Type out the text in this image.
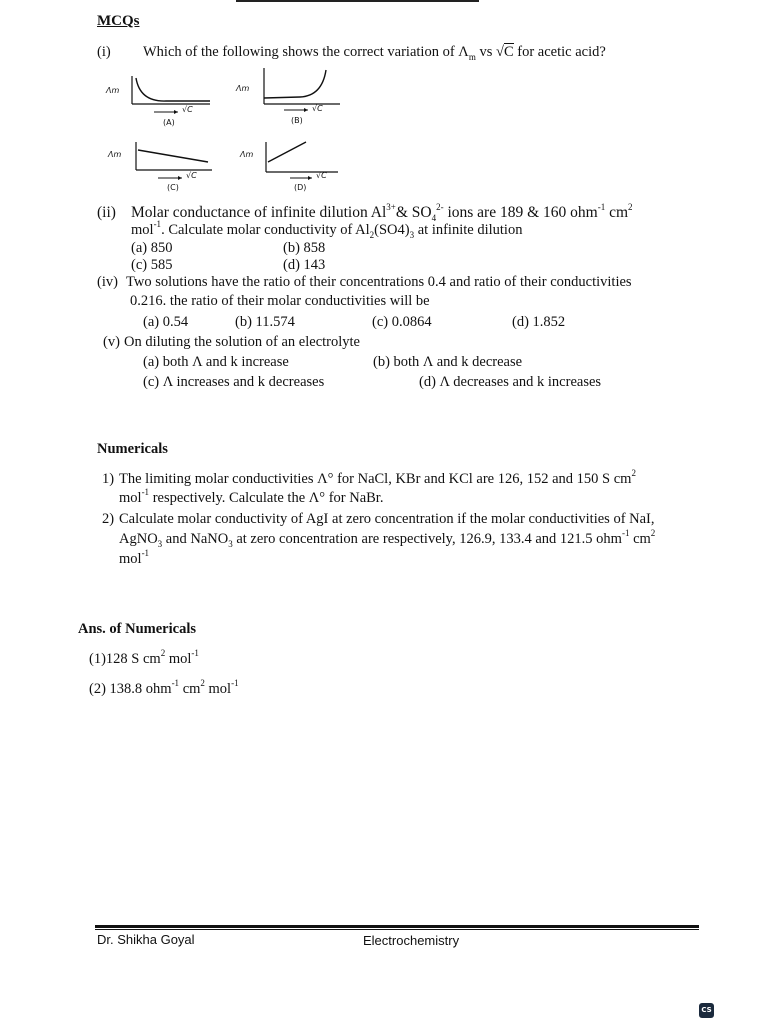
MCQs
(i) Which of the following shows the correct variation of $\Lambda_m$ vs √C for acetic acid?
Λm
√C
(A)
Λm
√C
(B)
Λm
√C
(C)
Λm
√C
(D)
(ii) Molar conductance of infinite dilution $Al^{3+}\&$ $SO_4^{2-}$ ions are 189 & 160 ohm$^{-1}$ $cm^2$
mol$^{-1}$. Calculate molar conductivity of $Al_2(SO4)_3$ at infinite dilution
(a) 850	(b) 858
(c) 585	(d) 143
(iv) Two solutions have the ratio of their concentrations 0.4 and ratio of their conductivities
0.216. the ratio of their molar conductivities will be
(a) 0.54	(b) 11.574	(c) 0.0864	(d) 1.852
(v) On diluting the solution of an electrolyte
(a) both Λ and k increase	(b) both Λ and k decrease
(c) Λ increases and k decreases	(d) Λ decreases and k increases
Numericals
1) The limiting molar conductivities Λ° for NaCl, KBr and KCl are 126, 152 and 150 S $cm^2$
mol$^{-1}$ respectively. Calculate the Λ° for NaBr.
2) Calculate molar conductivity of AgI at zero concentration if the molar conductivities of NaI,
AgNO$_3$ and NaNO$_3$ at zero concentration are respectively, 126.9, 133.4 and 121.5 ohm$^{-1}$ $cm^2$
mol$^{-1}$
Ans. of Numericals
(1)128 S $cm^2$ mol$^{-1}$
(2) 138.8 ohm$^{-1}$ $cm^2$ mol$^{-1}$
Dr. Shikha Goyal	Electrochemistry
CS
